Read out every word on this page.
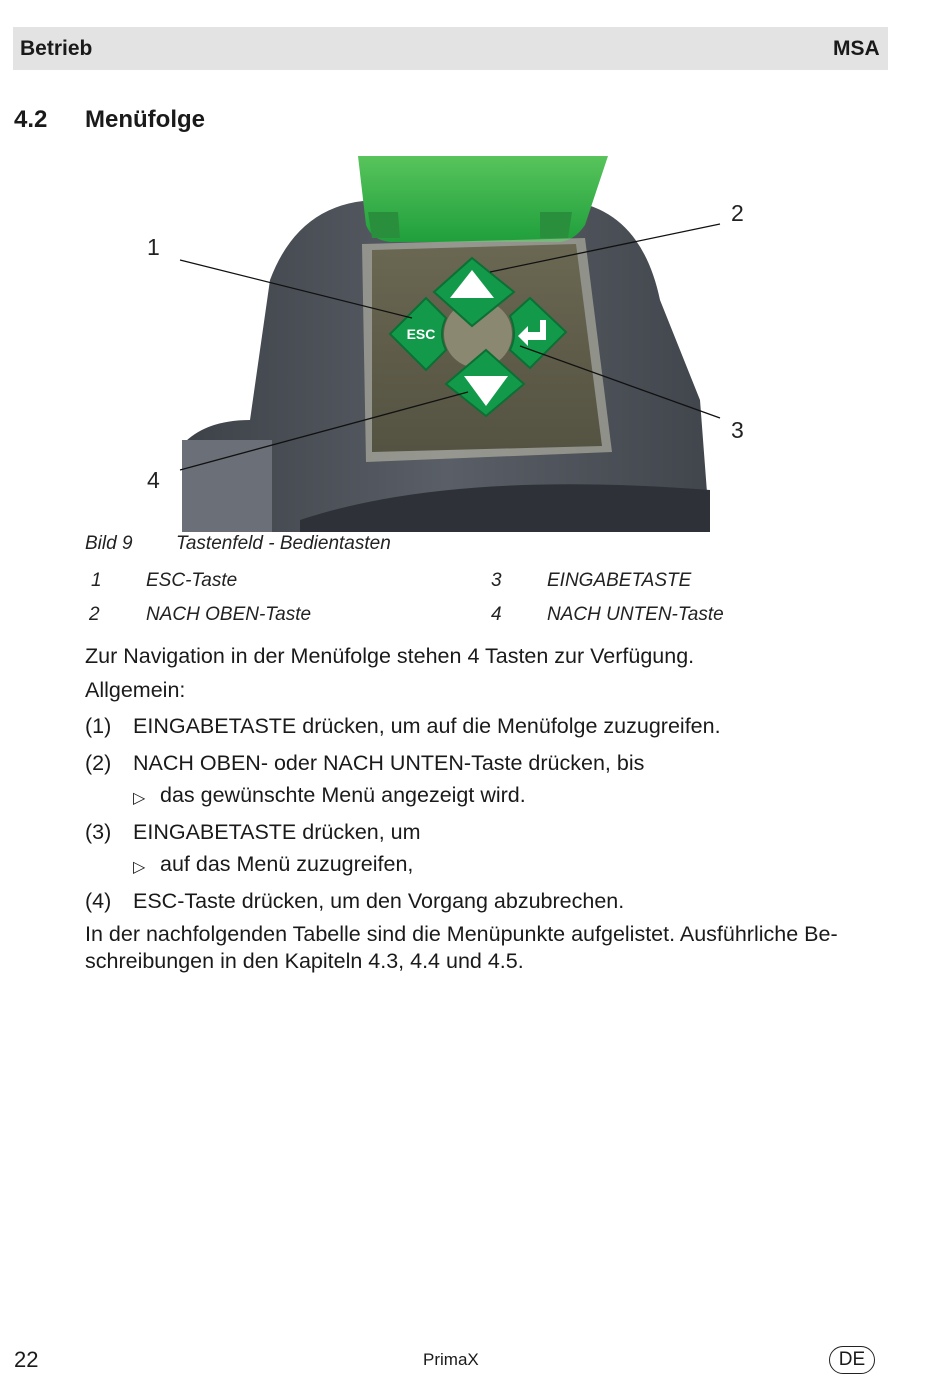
Betrieb	MSA
4.2 Menüfolge
ESC
1
2
3
4
Bild 9 Tastenfeld - Bedientasten
1 ESC-Taste	3 EINGABETASTE
2 NACH OBEN-Taste	4 NACH UNTEN-Taste
Zur Navigation in der Menüfolge stehen 4 Tasten zur Verfügung.
Allgemein:
(1) EINGABETASTE drücken, um auf die Menüfolge zuzugreifen.
(2) NACH OBEN- oder NACH UNTEN-Taste drücken, bis
▷ das gewünschte Menü angezeigt wird.
(3) EINGABETASTE drücken, um
▷ auf das Menü zuzugreifen,
(4) ESC-Taste drücken, um den Vorgang abzubrechen.
In der nachfolgenden Tabelle sind die Menüpunkte aufgelistet. Ausführliche Be-
schreibungen in den Kapiteln 4.3, 4.4 und 4.5.
22	PrimaX	DE
